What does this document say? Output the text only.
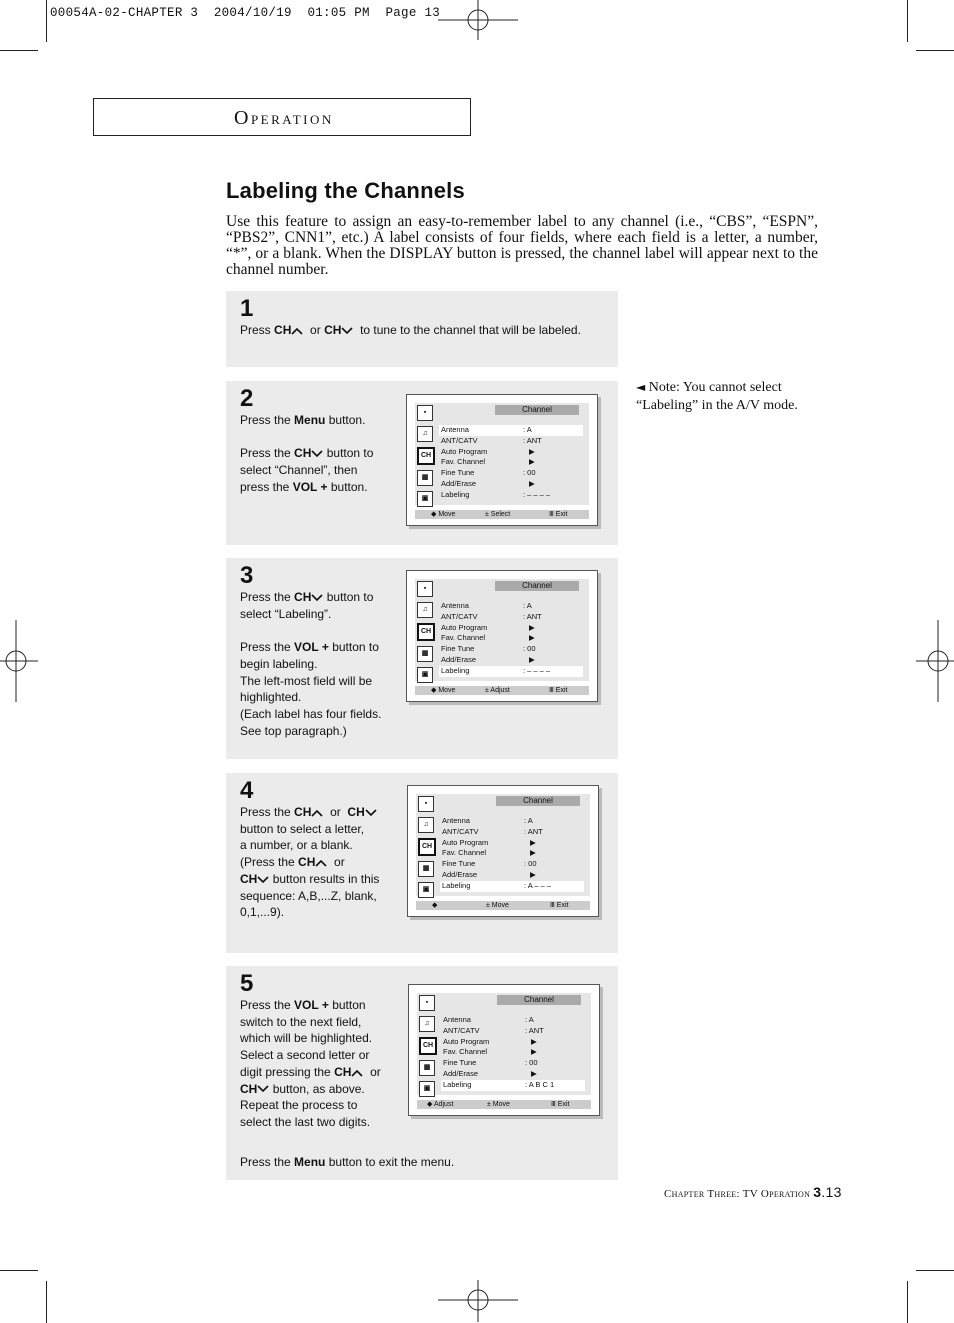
00054A-02-CHAPTER 3  2004/10/19  01:05 PM  Page 13
OPERATION
Labeling the Channels
Use this feature to assign an easy-to-remember label to any channel (i.e., “CBS”, “ESPN”, “PBS2”, CNN1”, etc.) A label consists of four fields, where each field is a letter, a number, “*”, or a blank. When the DISPLAY button is pressed, the channel label will appear next to the channel number.
◄ Note: You cannot select “Labeling” in the A/V mode.
1
Press CH or CH to tune to the channel that will be labeled.
2
Press the Menu button.

Press the CH button to
select “Channel”, then
press the VOL + button.
▪
♫
CH
▦
▣
Channel
Antenna	: A
ANT/CATV	: ANT
Auto Program	▶
Fav. Channel	▶
Fine Tune	: 00
Add/Erase	▶
Labeling	: – – – –
◆ Move	± Select	Ⅲ Exit
3
Press the CH button to
select “Labeling”.

Press the VOL + button to
begin labeling.
The left-most field will be
highlighted.
(Each label has four fields.
See top paragraph.)
▪
♫
CH
▦
▣
Channel
Antenna	: A
ANT/CATV	: ANT
Auto Program	▶
Fav. Channel	▶
Fine Tune	: 00
Add/Erase	▶
Labeling	: – – – –
◆ Move	± Adjust	Ⅲ Exit
4
Press the CH or CH
button to select a letter,
a number, or a blank.
(Press the CH or
CH button results in this
sequence: A,B,...Z, blank,
0,1,...9).
▪
♫
CH
▦
▣
Channel
Antenna	: A
ANT/CATV	: ANT
Auto Program	▶
Fav. Channel	▶
Fine Tune	: 00
Add/Erase	▶
Labeling	: A – – –
◆	± Move	Ⅲ Exit
5
Press the VOL + button
switch to the next field,
which will be highlighted.
Select a second letter or
digit pressing the CH or
CH button, as above.
Repeat the process to
select the last two digits.
Press the Menu button to exit the menu.
▪
♫
CH
▦
▣
Channel
Antenna	: A
ANT/CATV	: ANT
Auto Program	▶
Fav. Channel	▶
Fine Tune	: 00
Add/Erase	▶
Labeling	: A B C 1
◆ Adjust	± Move	Ⅲ Exit
Chapter Three: TV Operation 3.13
